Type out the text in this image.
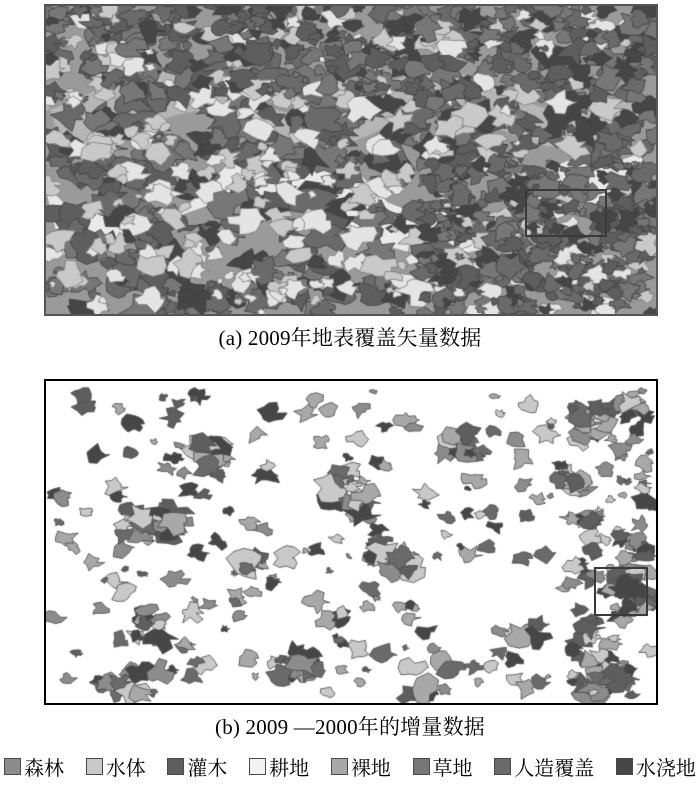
(a) 2009年地表覆盖矢量数据
(b) 2009 —2000年的增量数据
森林 水体 灌木 耕地 裸地 草地 人造覆盖 水浇地
